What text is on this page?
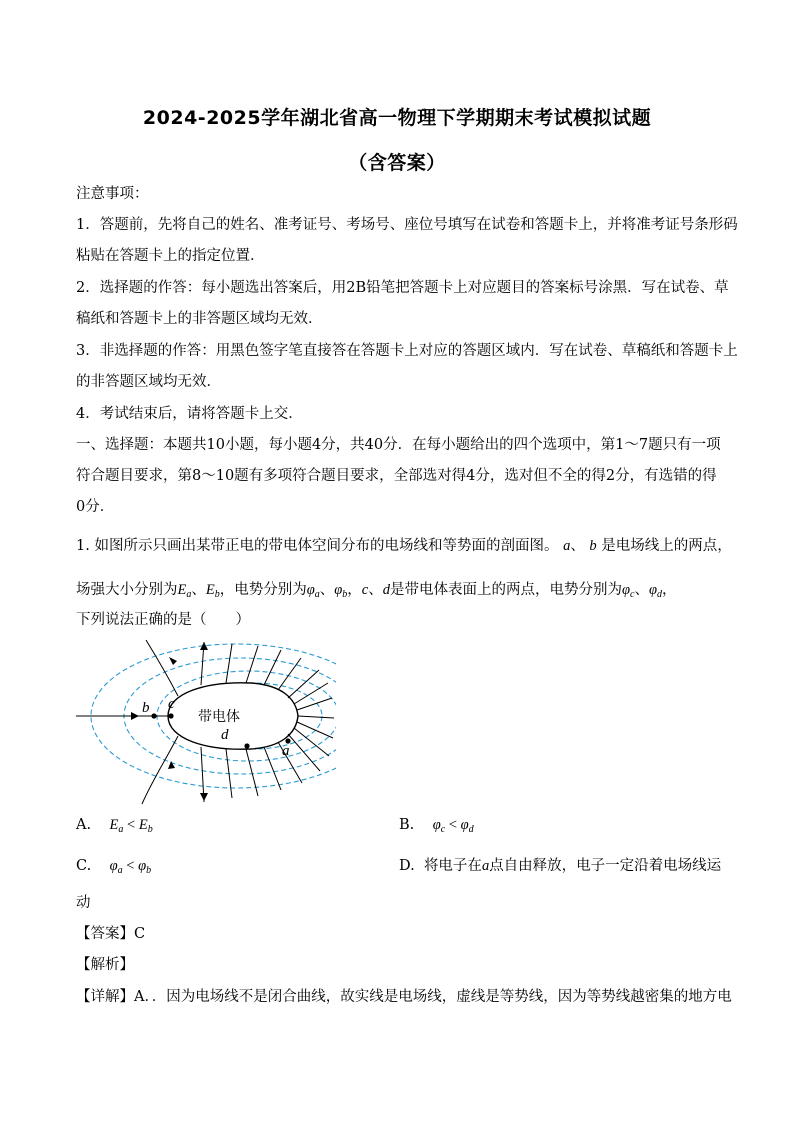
2024-2025学年湖北省高一物理下学期期末考试模拟试题
（含答案）
注意事项：
1．答题前，先将自己的姓名、准考证号、考场号、座位号填写在试卷和答题卡上，并将准考证号条形码
粘贴在答题卡上的指定位置．
2．选择题的作答：每小题选出答案后，用2B铅笔把答题卡上对应题目的答案标号涂黑．写在试卷、草
稿纸和答题卡上的非答题区域均无效．
3．非选择题的作答：用黑色签字笔直接答在答题卡上对应的答题区域内．写在试卷、草稿纸和答题卡上
的非答题区域均无效．
4．考试结束后，请将答题卡上交．
一、选择题：本题共10小题，每小题4分，共40分．在每小题给出的四个选项中，第1～7题只有一项
符合题目要求，第8～10题有多项符合题目要求，全部选对得4分，选对但不全的得2分，有选错的得
0分．
1. 如图所示只画出某带正电的带电体空间分布的电场线和等势面的剖面图。 a、 b 是电场线上的两点，
场强大小分别为$E_a$、$E_b$，电势分别为$\varphi_a$、$\varphi_b$，c、d是带电体表面上的两点，电势分别为$\varphi_c$、$\varphi_d$，
下列说法正确的是（　　）
带电体
b c
d
a
A. $E_a < E_b$	B. $\varphi_c < \varphi_d$
C. $\varphi_a < \varphi_b$	D. 将电子在a点自由释放，电子一定沿着电场线运
动
【答案】C
【解析】
【详解】A．．因为电场线不是闭合曲线，故实线是电场线，虚线是等势线，因为等势线越密集的地方电
